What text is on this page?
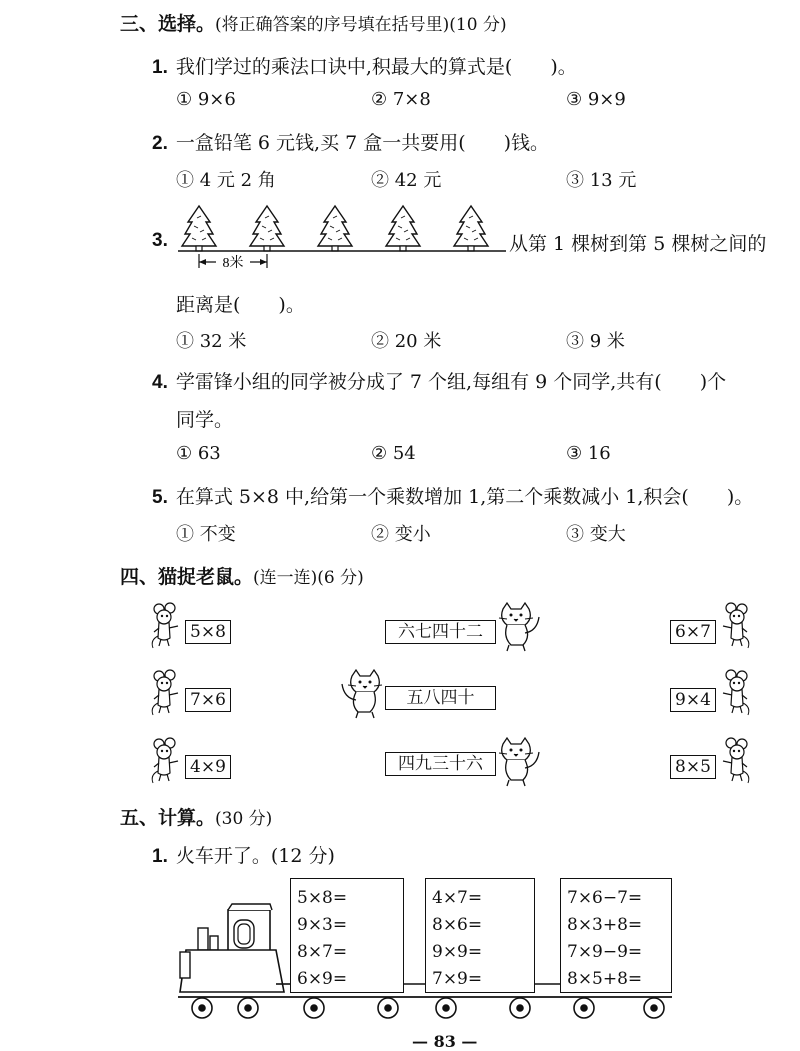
三、选择。(将正确答案的序号填在括号里)(10 分)
1. 我们学过的乘法口诀中,积最大的算式是(　　)。
① 9×6	② 7×8	③ 9×9
2. 一盒铅笔 6 元钱,买 7 盒一共要用(　　)钱。
① 4 元 2 角	② 42 元	③ 13 元
3.
8米
从第 1 棵树到第 5 棵树之间的
距离是(　　)。
① 32 米	② 20 米	③ 9 米
4. 学雷锋小组的同学被分成了 7 个组,每组有 9 个同学,共有(　　)个
同学。
① 63	② 54	③ 16
5. 在算式 5×8 中,给第一个乘数增加 1,第二个乘数减小 1,积会(　　)。
① 不变	② 变小	③ 变大
四、猫捉老鼠。(连一连)(6 分)
5×8	六七四十二	6×7
7×6	五八四十	9×4
4×9	四九三十六	8×5
五、计算。(30 分)
1. 火车开了。(12 分)
5×8=
9×3=
8×7=
6×9=
4×7=
8×6=
9×9=
7×9=
7×6−7=
8×3+8=
7×9−9=
8×5+8=
— 83 —
